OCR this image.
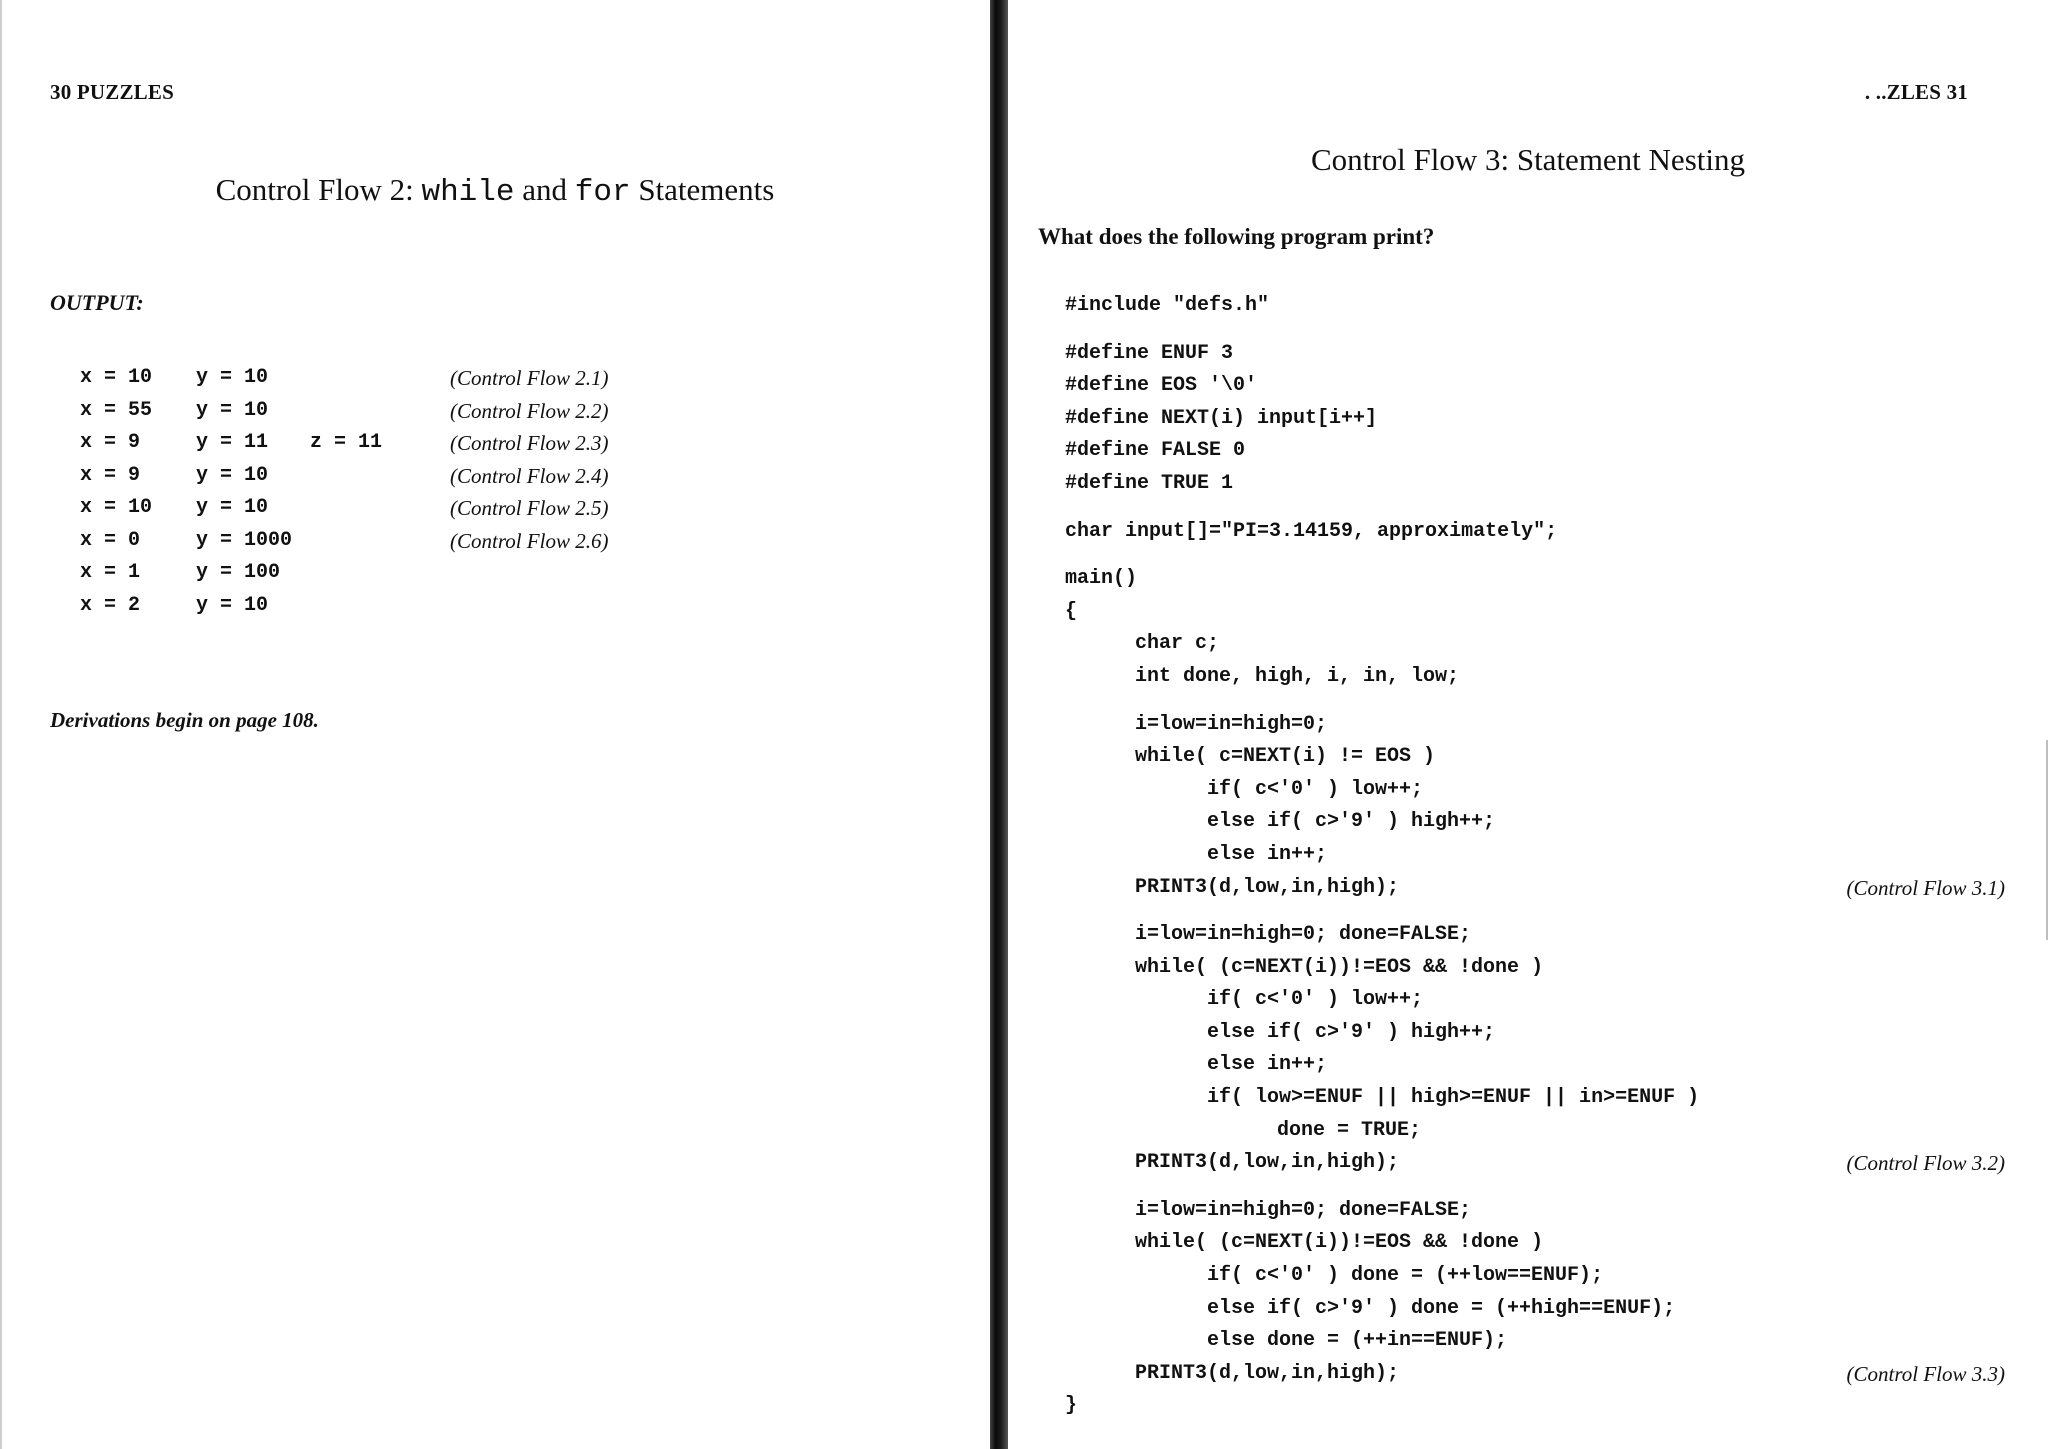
30 PUZZLES
Control Flow 2: while and for Statements
OUTPUT:
x = 10 y = 10	(Control Flow 2.1)
x = 55 y = 10	(Control Flow 2.2)
x = 9	y = 11 z = 11	(Control Flow 2.3)
x = 9	y = 10	(Control Flow 2.4)
x = 10 y = 10	(Control Flow 2.5)
x = 0	y = 1000	(Control Flow 2.6)
x = 1	y = 100
x = 2	y = 10
Derivations begin on page 108.
. ..ZLES 31
Control Flow 3: Statement Nesting
What does the following program print?
#include "defs.h"
#define ENUF 3
#define EOS '\0'
#define NEXT(i) input[i++]
#define FALSE 0
#define TRUE 1
char input[]="PI=3.14159, approximately";
main()
{
char c;
int done, high, i, in, low;
i=low=in=high=0;
while( c=NEXT(i) != EOS )
if( c<'0' ) low++;
else if( c>'9' ) high++;
else in++;
PRINT3(d,low,in,high);	(Control Flow 3.1)
i=low=in=high=0; done=FALSE;
while( (c=NEXT(i))!=EOS && !done )
if( c<'0' ) low++;
else if( c>'9' ) high++;
else in++;
if( low>=ENUF || high>=ENUF || in>=ENUF )
done = TRUE;
PRINT3(d,low,in,high);	(Control Flow 3.2)
i=low=in=high=0; done=FALSE;
while( (c=NEXT(i))!=EOS && !done )
if( c<'0' ) done = (++low==ENUF);
else if( c>'9' ) done = (++high==ENUF);
else done = (++in==ENUF);
PRINT3(d,low,in,high);	(Control Flow 3.3)
}
